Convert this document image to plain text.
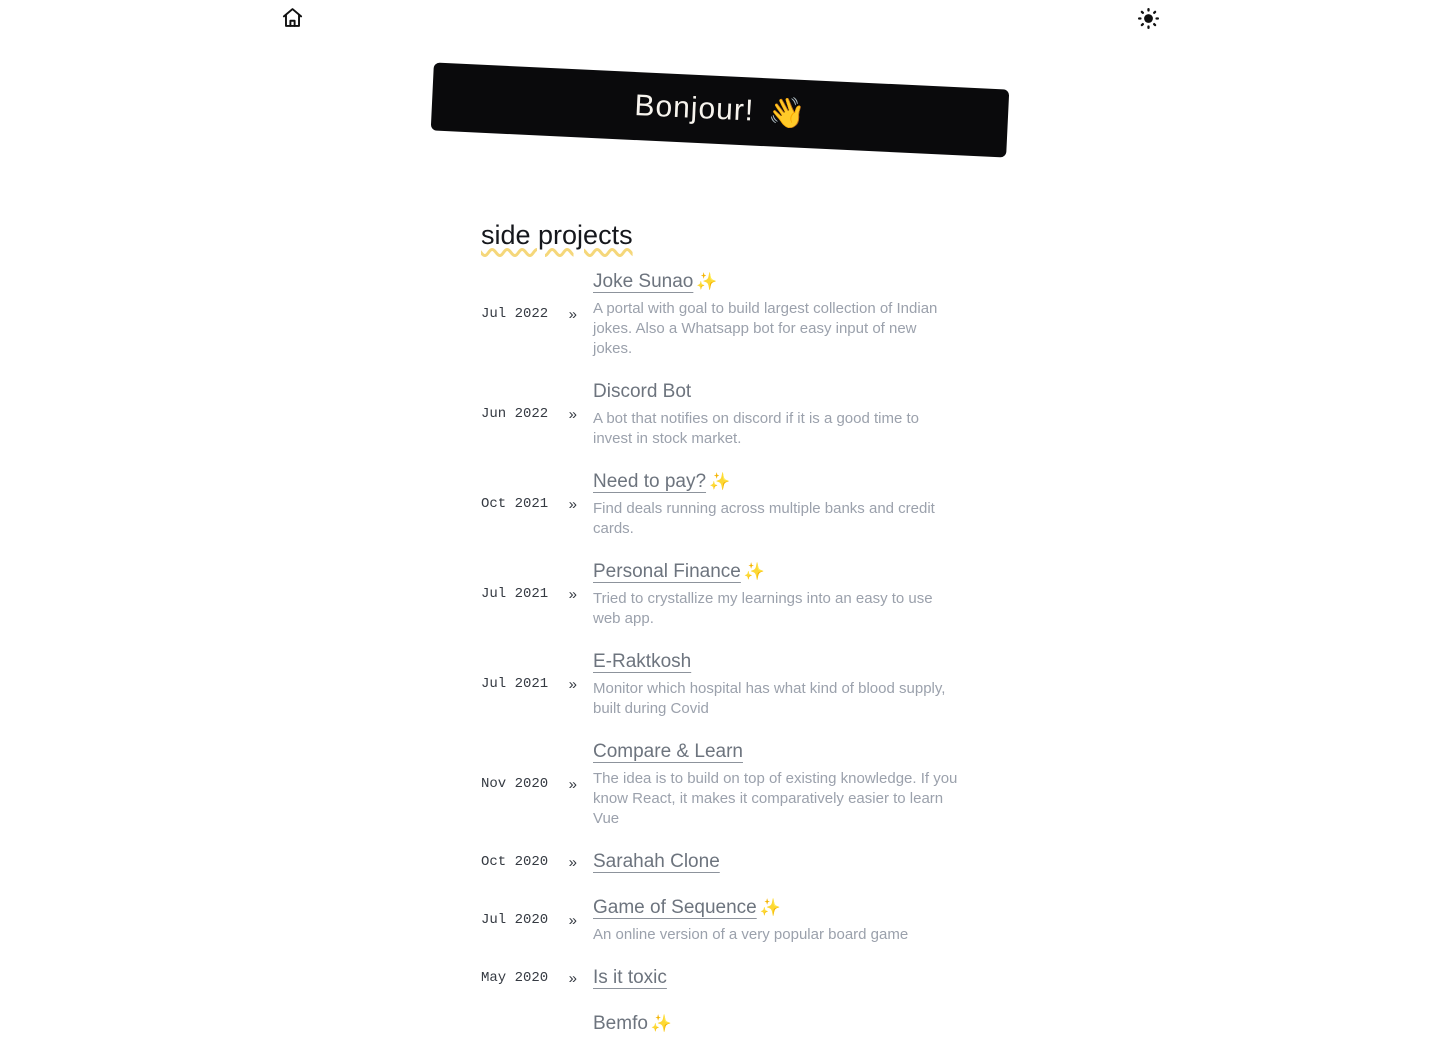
Bonjour! 👋
side projects
Jul 2022 »
Joke Sunao ✨

A portal with goal to build largest collection of Indian jokes. Also a Whatsapp bot for easy input of new jokes.

Jun 2022 »
Discord Bot

A bot that notifies on discord if it is a good time to invest in stock market.

Oct 2021 »
Need to pay? ✨

Find deals running across multiple banks and credit cards.

Jul 2021 »
Personal Finance ✨

Tried to crystallize my learnings into an easy to use web app.

Jul 2021 »
E-Raktkosh

Monitor which hospital has what kind of blood supply, built during Covid

Nov 2020 »
Compare & Learn

The idea is to build on top of existing knowledge. If you know React, it makes it comparatively easier to learn Vue

Oct 2020 » Sarahah Clone
Jul 2020 »
Game of Sequence ✨

An online version of a very popular board game

May 2020 » Is it toxic
Bemfo ✨
